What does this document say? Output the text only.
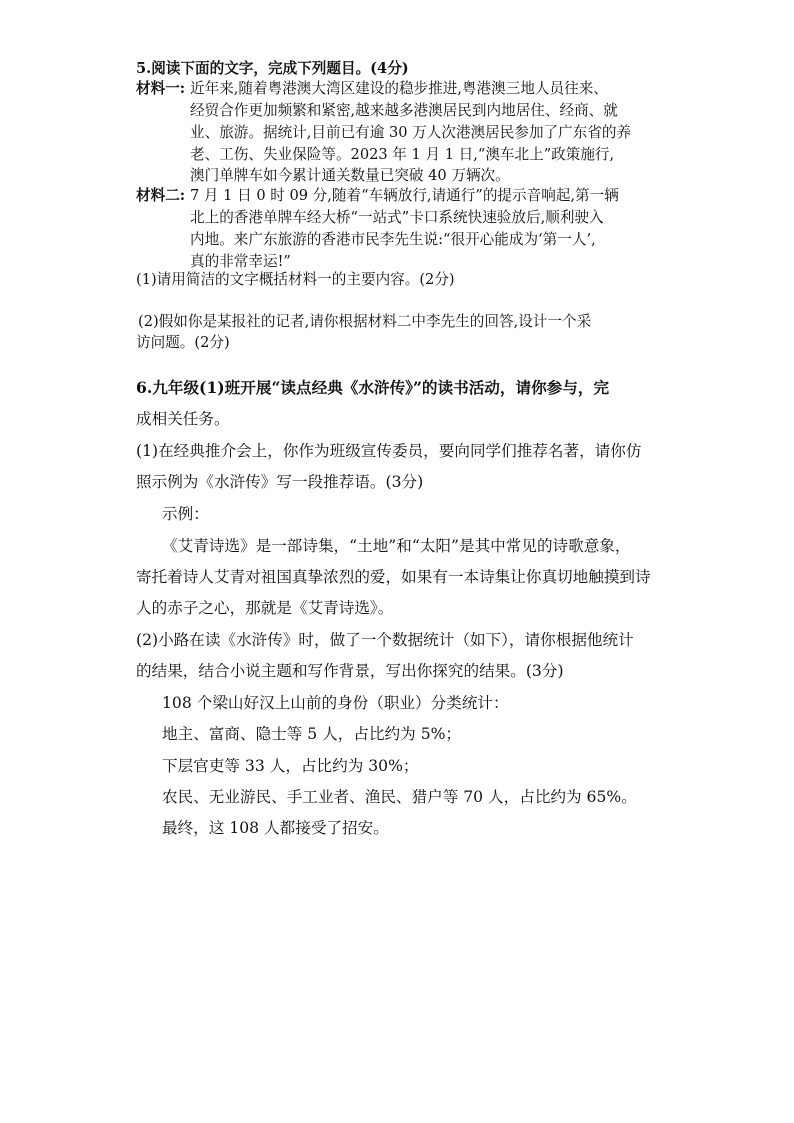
5.阅读下面的文字，完成下列题目。(4分)
材料一: 近年来,随着粤港澳大湾区建设的稳步推进,粤港澳三地人员往来、
经贸合作更加频繁和紧密,越来越多港澳居民到内地居住、经商、就
业、旅游。据统计,目前已有逾 30 万人次港澳居民参加了广东省的养
老、工伤、失业保险等。2023 年 1 月 1 日,“澳车北上”政策施行,
澳门单牌车如今累计通关数量已突破 40 万辆次。
材料二: 7 月 1 日 0 时 09 分,随着“车辆放行,请通行”的提示音响起,第一辆
北上的香港单牌车经大桥“一站式”卡口系统快速验放后,顺利驶入
内地。来广东旅游的香港市民李先生说:“很开心能成为‘第一人’,
真的非常幸运!”
(1)请用简洁的文字概括材料一的主要内容。(2分)
(2)假如你是某报社的记者,请你根据材料二中李先生的回答,设计一个采
访问题。(2分)
6.九年级(1)班开展“读点经典《水浒传》”的读书活动，请你参与，完
成相关任务。
(1)在经典推介会上，你作为班级宣传委员，要向同学们推荐名著，请你仿
照示例为《水浒传》写一段推荐语。(3分)
示例：
《艾青诗选》是一部诗集，“土地”和“太阳”是其中常见的诗歌意象，
寄托着诗人艾青对祖国真挚浓烈的爱，如果有一本诗集让你真切地触摸到诗
人的赤子之心，那就是《艾青诗选》。
(2)小路在读《水浒传》时，做了一个数据统计（如下），请你根据他统计
的结果，结合小说主题和写作背景，写出你探究的结果。(3分)
108 个梁山好汉上山前的身份（职业）分类统计：
地主、富商、隐士等 5 人，占比约为 5%；
下层官吏等 33 人，占比约为 30%；
农民、无业游民、手工业者、渔民、猎户等 70 人，占比约为 65%。
最终，这 108 人都接受了招安。
